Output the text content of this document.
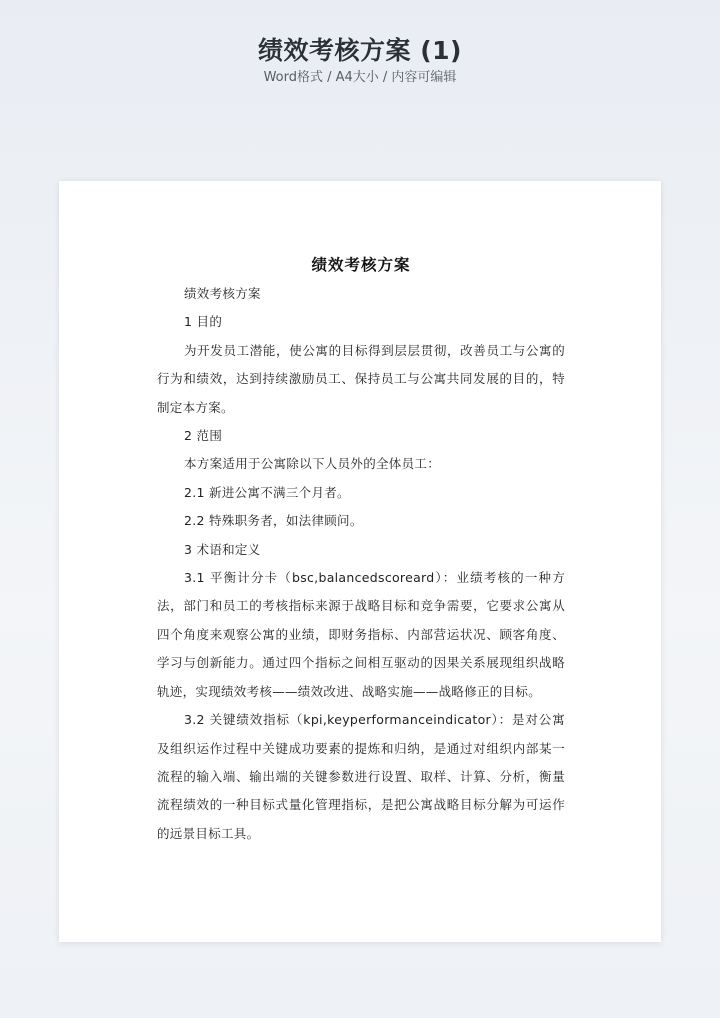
绩效考核方案 (1)
Word格式 / A4大小 / 内容可编辑
绩效考核方案

绩效考核方案

1 目的

为开发员工潜能，使公寓的目标得到层层贯彻，改善员工与公寓的行为和绩效，达到持续激励员工、保持员工与公寓共同发展的目的，特制定本方案。

2 范围

本方案适用于公寓除以下人员外的全体员工：

2.1 新进公寓不满三个月者。

2.2 特殊职务者，如法律顾问。

3 术语和定义

3.1 平衡计分卡（bsc,balancedscoreard）：业绩考核的一种方法，部门和员工的考核指标来源于战略目标和竞争需要，它要求公寓从四个角度来观察公寓的业绩，即财务指标、内部营运状况、顾客角度、学习与创新能力。通过四个指标之间相互驱动的因果关系展现组织战略轨迹，实现绩效考核——绩效改进、战略实施——战略修正的目标。

3.2 关键绩效指标（kpi,keyperformanceindicator）：是对公寓及组织运作过程中关键成功要素的提炼和归纳，是通过对组织内部某一流程的输入端、输出端的关键参数进行设置、取样、计算、分析，衡量流程绩效的一种目标式量化管理指标，是把公寓战略目标分解为可运作的远景目标工具。
